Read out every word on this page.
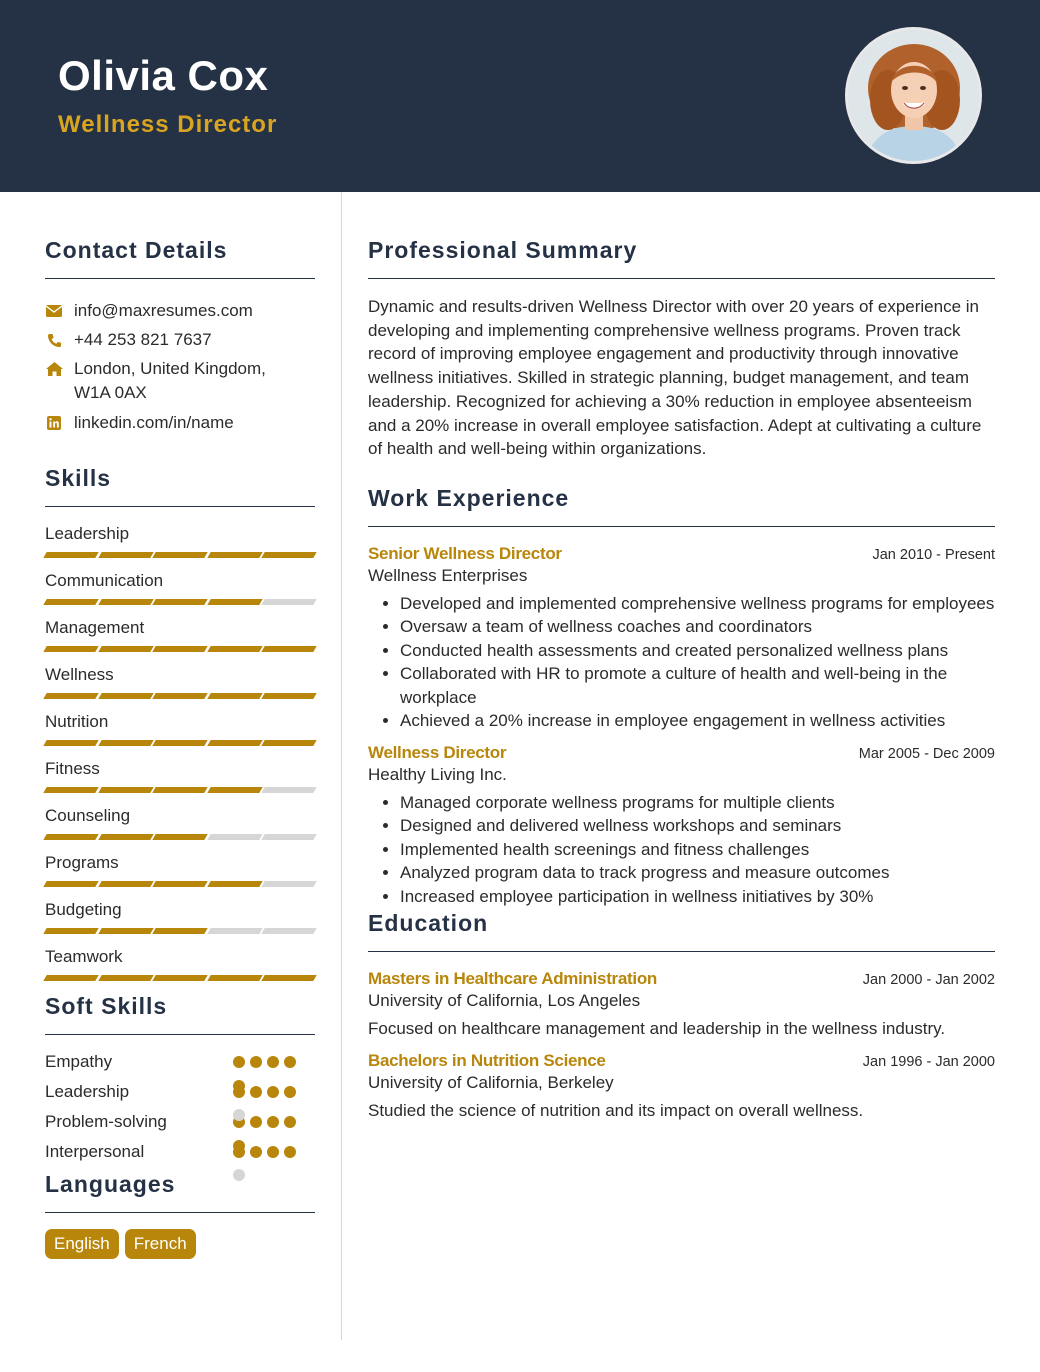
Olivia Cox
Wellness Director
Contact Details
info@maxresumes.com
+44 253 821 7637
London, United Kingdom,
W1A 0AX
linkedin.com/in/name
Skills
Leadership
Communication
Management
Wellness
Nutrition
Fitness
Counseling
Programs
Budgeting
Teamwork
Soft Skills
Empathy
Leadership
Problem-solving
Interpersonal
Languages
English French
Professional Summary

Dynamic and results-driven Wellness Director with over 20 years of experience in developing and implementing comprehensive wellness programs. Proven track record of improving employee engagement and productivity through innovative wellness initiatives. Skilled in strategic planning, budget management, and team leadership. Recognized for achieving a 30% reduction in employee absenteeism and a 20% increase in overall employee satisfaction. Adept at cultivating a culture of health and well-being within organizations.

Work Experience
Senior Wellness Director	Jan 2010 - Present
Wellness Enterprises
• Developed and implemented comprehensive wellness programs for employees
• Oversaw a team of wellness coaches and coordinators
• Conducted health assessments and created personalized wellness plans
• Collaborated with HR to promote a culture of health and well-being in the workplace
• Achieved a 20% increase in employee engagement in wellness activities
Wellness Director	Mar 2005 - Dec 2009
Healthy Living Inc.
• Managed corporate wellness programs for multiple clients
• Designed and delivered wellness workshops and seminars
• Implemented health screenings and fitness challenges
• Analyzed program data to track progress and measure outcomes
• Increased employee participation in wellness initiatives by 30%
Education
Masters in Healthcare Administration	Jan 2000 - Jan 2002
University of California, Los Angeles
Focused on healthcare management and leadership in the wellness industry.
Bachelors in Nutrition Science	Jan 1996 - Jan 2000
University of California, Berkeley
Studied the science of nutrition and its impact on overall wellness.
